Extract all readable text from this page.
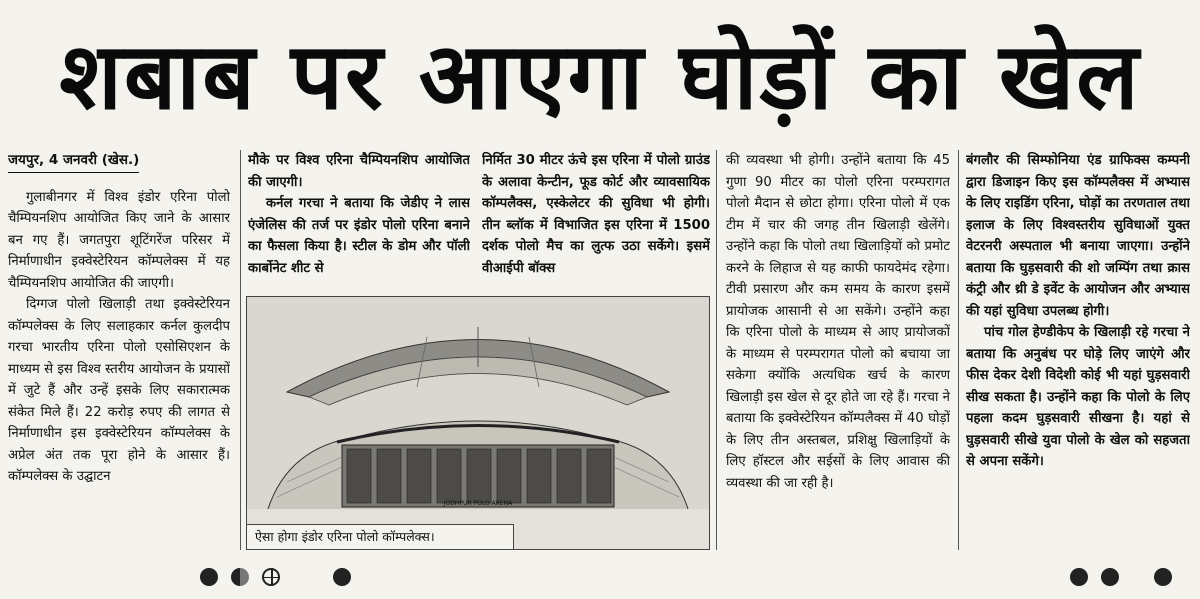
शबाब पर आएगा घोड़ों का खेल
जयपुर, 4 जनवरी (खेस.)

गुलाबीनगर में विश्व इंडोर एरिना पोलो चैम्पियनशिप आयोजित किए जाने के आसार बन गए हैं। जगतपुरा शूटिंगरेंज परिसर में निर्माणाधीन इक्वेस्टेरियन कॉम्पलेक्स में यह चैम्पियनशिप आयोजित की जाएगी।

दिग्गज पोलो खिलाड़ी तथा इक्वेस्टेरियन कॉम्पलेक्स के लिए सलाहकार कर्नल कुलदीप गरचा भारतीय एरिना पोलो एसोसिएशन के माध्यम से इस विश्व स्तरीय आयोजन के प्रयासों में जुटे हैं और उन्हें इसके लिए सकारात्मक संकेत मिले हैं। 22 करोड़ रुपए की लागत से निर्माणाधीन इस इक्वेस्टेरियन कॉम्पलेक्स के अप्रेल अंत तक पूरा होने के आसार हैं। कॉम्पलेक्स के उद्घाटन

मौके पर विश्व एरिना चैम्पियनशिप आयोजित की जाएगी।

कर्नल गरचा ने बताया कि जेडीए ने लास एंजेलिस की तर्ज पर इंडोर पोलो एरिना बनाने का फैसला किया है। स्टील के डोम और पॉली कार्बोनेट शीट से

निर्मित 30 मीटर ऊंचे इस एरिना में पोलो ग्राउंड के अलावा केन्टीन, फूड कोर्ट और व्यावसायिक कॉम्पलैक्स, एस्केलेटर की सुविधा भी होगी। तीन ब्लॉक में विभाजित इस एरिना में 1500 दर्शक पोलो मैच का लुत्फ उठा सकेंगे। इसमें वीआईपी बॉक्स

JODHPUR POLO ARENA
ऐसा होगा इंडोर एरिना पोलो कॉम्पलेक्स।

की व्यवस्था भी होगी। उन्होंने बताया कि 45 गुणा 90 मीटर का पोलो एरिना परम्परागत पोलो मैदान से छोटा होगा। एरिना पोलो में एक टीम में चार की जगह तीन खिलाड़ी खेलेंगे। उन्होंने कहा कि पोलो तथा खिलाड़ियों को प्रमोट करने के लिहाज से यह काफी फायदेमंद रहेगा। टीवी प्रसारण और कम समय के कारण इसमें प्रायोजक आसानी से आ सकेंगे। उन्होंने कहा कि एरिना पोलो के माध्यम से आए प्रायोजकों के माध्यम से परम्परागत पोलो को बचाया जा सकेगा क्योंकि अत्यधिक खर्च के कारण खिलाड़ी इस खेल से दूर होते जा रहे हैं। गरचा ने बताया कि इक्वेस्टेरियन कॉम्पलैक्स में 40 घोड़ों के लिए तीन अस्तबल, प्रशिक्षु खिलाड़ियों के लिए हॉस्टल और सईसों के लिए आवास की व्यवस्था की जा रही है।

बंगलौर की सिम्फोनिया एंड ग्राफिक्स कम्पनी द्वारा डिजाइन किए इस कॉम्पलैक्स में अभ्यास के लिए राइडिंग एरिना, घोड़ों का तरणताल तथा इलाज के लिए विश्वस्तरीय सुविधाओं युक्त वेटरनरी अस्पताल भी बनाया जाएगा। उन्होंने बताया कि घुड़सवारी की शो जम्पिंग तथा क्रास कंट्री और थ्री डे इवेंट के आयोजन और अभ्यास की यहां सुविधा उपलब्ध होगी।

पांच गोल हेण्डीकेप के खिलाड़ी रहे गरचा ने बताया कि अनुबंध पर घोड़े लिए जाएंगे और फीस देकर देशी विदेशी कोई भी यहां घुड़सवारी सीख सकता है। उन्होंने कहा कि पोलो के लिए पहला कदम घुड़सवारी सीखना है। यहां से घुड़सवारी सीखे युवा पोलो के खेल को सहजता से अपना सकेंगे।
